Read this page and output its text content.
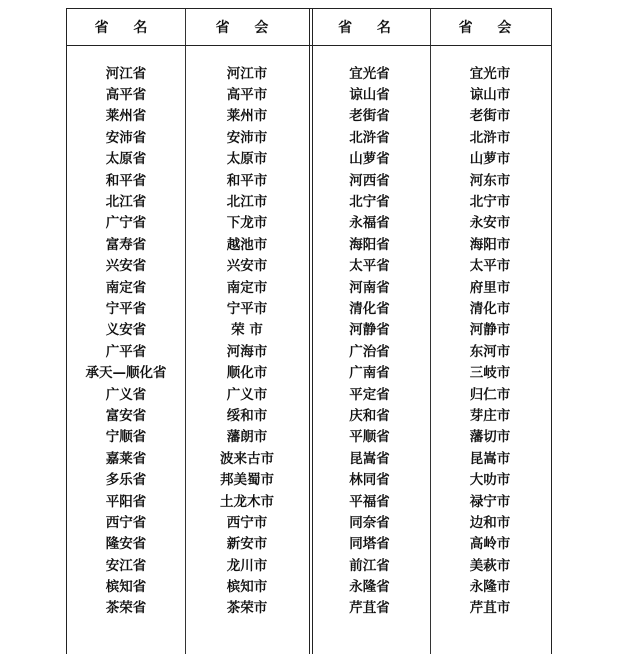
省 名	省 会	省 名	省 会
河江省	河江市	宜光省	宜光市
高平省	高平市	谅山省	谅山市
莱州省	莱州市	老街省	老街市
安沛省	安沛市	北浒省	北浒市
太原省	太原市	山萝省	山萝市
和平省	和平市	河西省	河东市
北江省	北江市	北宁省	北宁市
广宁省	下龙市	永福省	永安市
富寿省	越池市	海阳省	海阳市
兴安省	兴安市	太平省	太平市
南定省	南定市	河南省	府里市
宁平省	宁平市	清化省	清化市
义安省	荣 市	河静省	河静市
广平省	河海市	广治省	东河市
承天—顺化省	顺化市	广南省	三岐市
广义省	广义市	平定省	归仁市
富安省	绥和市	庆和省	芽庄市
宁顺省	藩朗市	平顺省	藩切市
嘉莱省	波来古市	昆嵩省	昆嵩市
多乐省	邦美蜀市	林同省	大叻市
平阳省	土龙木市	平福省	禄宁市
西宁省	西宁市	同奈省	边和市
隆安省	新安市	同塔省	高岭市
安江省	龙川市	前江省	美萩市
槟知省	槟知市	永隆省	永隆市
茶荣省	茶荣市	芹苴省	芹苴市
